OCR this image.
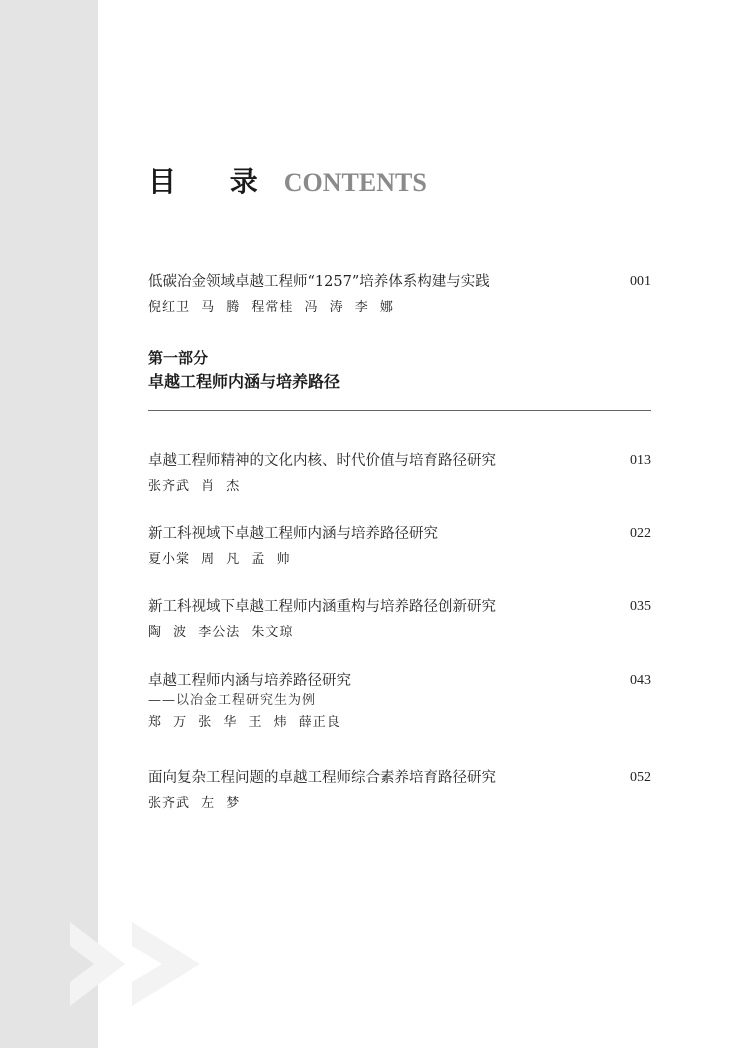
目 录 CONTENTS
低碳冶金领域卓越工程师“1257”培养体系构建与实践
倪红卫 马 腾 程常桂 冯 涛 李 娜
001
第一部分
卓越工程师内涵与培养路径
卓越工程师精神的文化内核、时代价值与培育路径研究
张齐武 肖 杰
013
新工科视域下卓越工程师内涵与培养路径研究
夏小棠 周 凡 孟 帅
022
新工科视域下卓越工程师内涵重构与培养路径创新研究
陶 波 李公法 朱文琼
035
卓越工程师内涵与培养路径研究
——以冶金工程研究生为例
郑 万 张 华 王 炜 薛正良
043
面向复杂工程问题的卓越工程师综合素养培育路径研究
张齐武 左 梦
052
